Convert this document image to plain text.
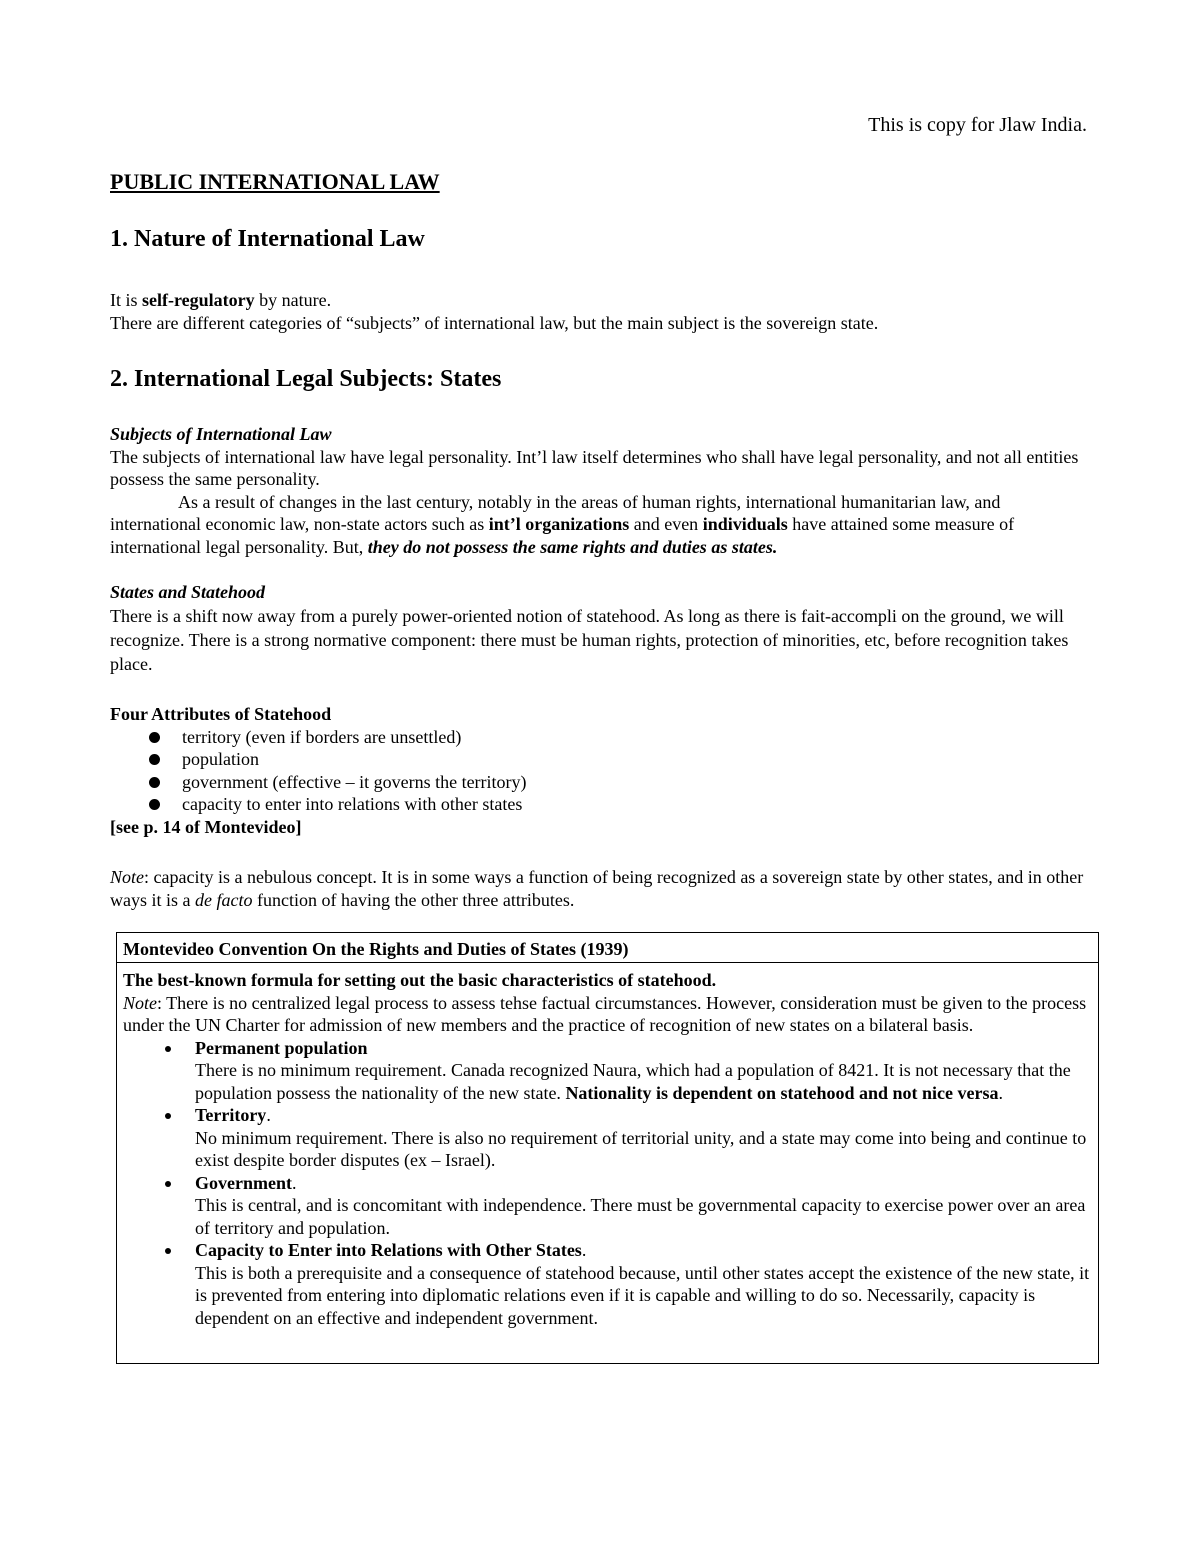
This is copy for Jlaw India.
PUBLIC INTERNATIONAL LAW
1. Nature of International Law

It is self-regulatory by nature.

There are different categories of “subjects” of international law, but the main subject is the sovereign state.

2. International Legal Subjects: States

Subjects of International Law

The subjects of international law have legal personality. Int’l law itself determines who shall have legal personality, and not all entities possess the same personality.

As a result of changes in the last century, notably in the areas of human rights, international humanitarian law, and international economic law, non-state actors such as int’l organizations and even individuals have attained some measure of international legal personality. But, they do not possess the same rights and duties as states.

States and Statehood

There is a shift now away from a purely power-oriented notion of statehood. As long as there is fait-accompli on the ground, we will recognize. There is a strong normative component: there must be human rights, protection of minorities, etc, before recognition takes place.

Four Attributes of Statehood

territory (even if borders are unsettled)
population
government (effective – it governs the territory)
capacity to enter into relations with other states

[see p. 14 of Montevideo]

Note: capacity is a nebulous concept. It is in some ways a function of being recognized as a sovereign state by other states, and in other ways it is a de facto function of having the other three attributes.

Montevideo Convention On the Rights and Duties of States (1939)

The best-known formula for setting out the basic characteristics of statehood.

Note: There is no centralized legal process to assess tehse factual circumstances. However, consideration must be given to the process under the UN Charter for admission of new members and the practice of recognition of new states on a bilateral basis.

Permanent population
There is no minimum requirement. Canada recognized Naura, which had a population of 8421. It is not necessary that the population possess the nationality of the new state. Nationality is dependent on statehood and not nice versa.
Territory.
No minimum requirement. There is also no requirement of territorial unity, and a state may come into being and continue to exist despite border disputes (ex – Israel).
Government.
This is central, and is concomitant with independence. There must be governmental capacity to exercise power over an area of territory and population.
Capacity to Enter into Relations with Other States.
This is both a prerequisite and a consequence of statehood because, until other states accept the existence of the new state, it is prevented from entering into diplomatic relations even if it is capable and willing to do so. Necessarily, capacity is dependent on an effective and independent government.
